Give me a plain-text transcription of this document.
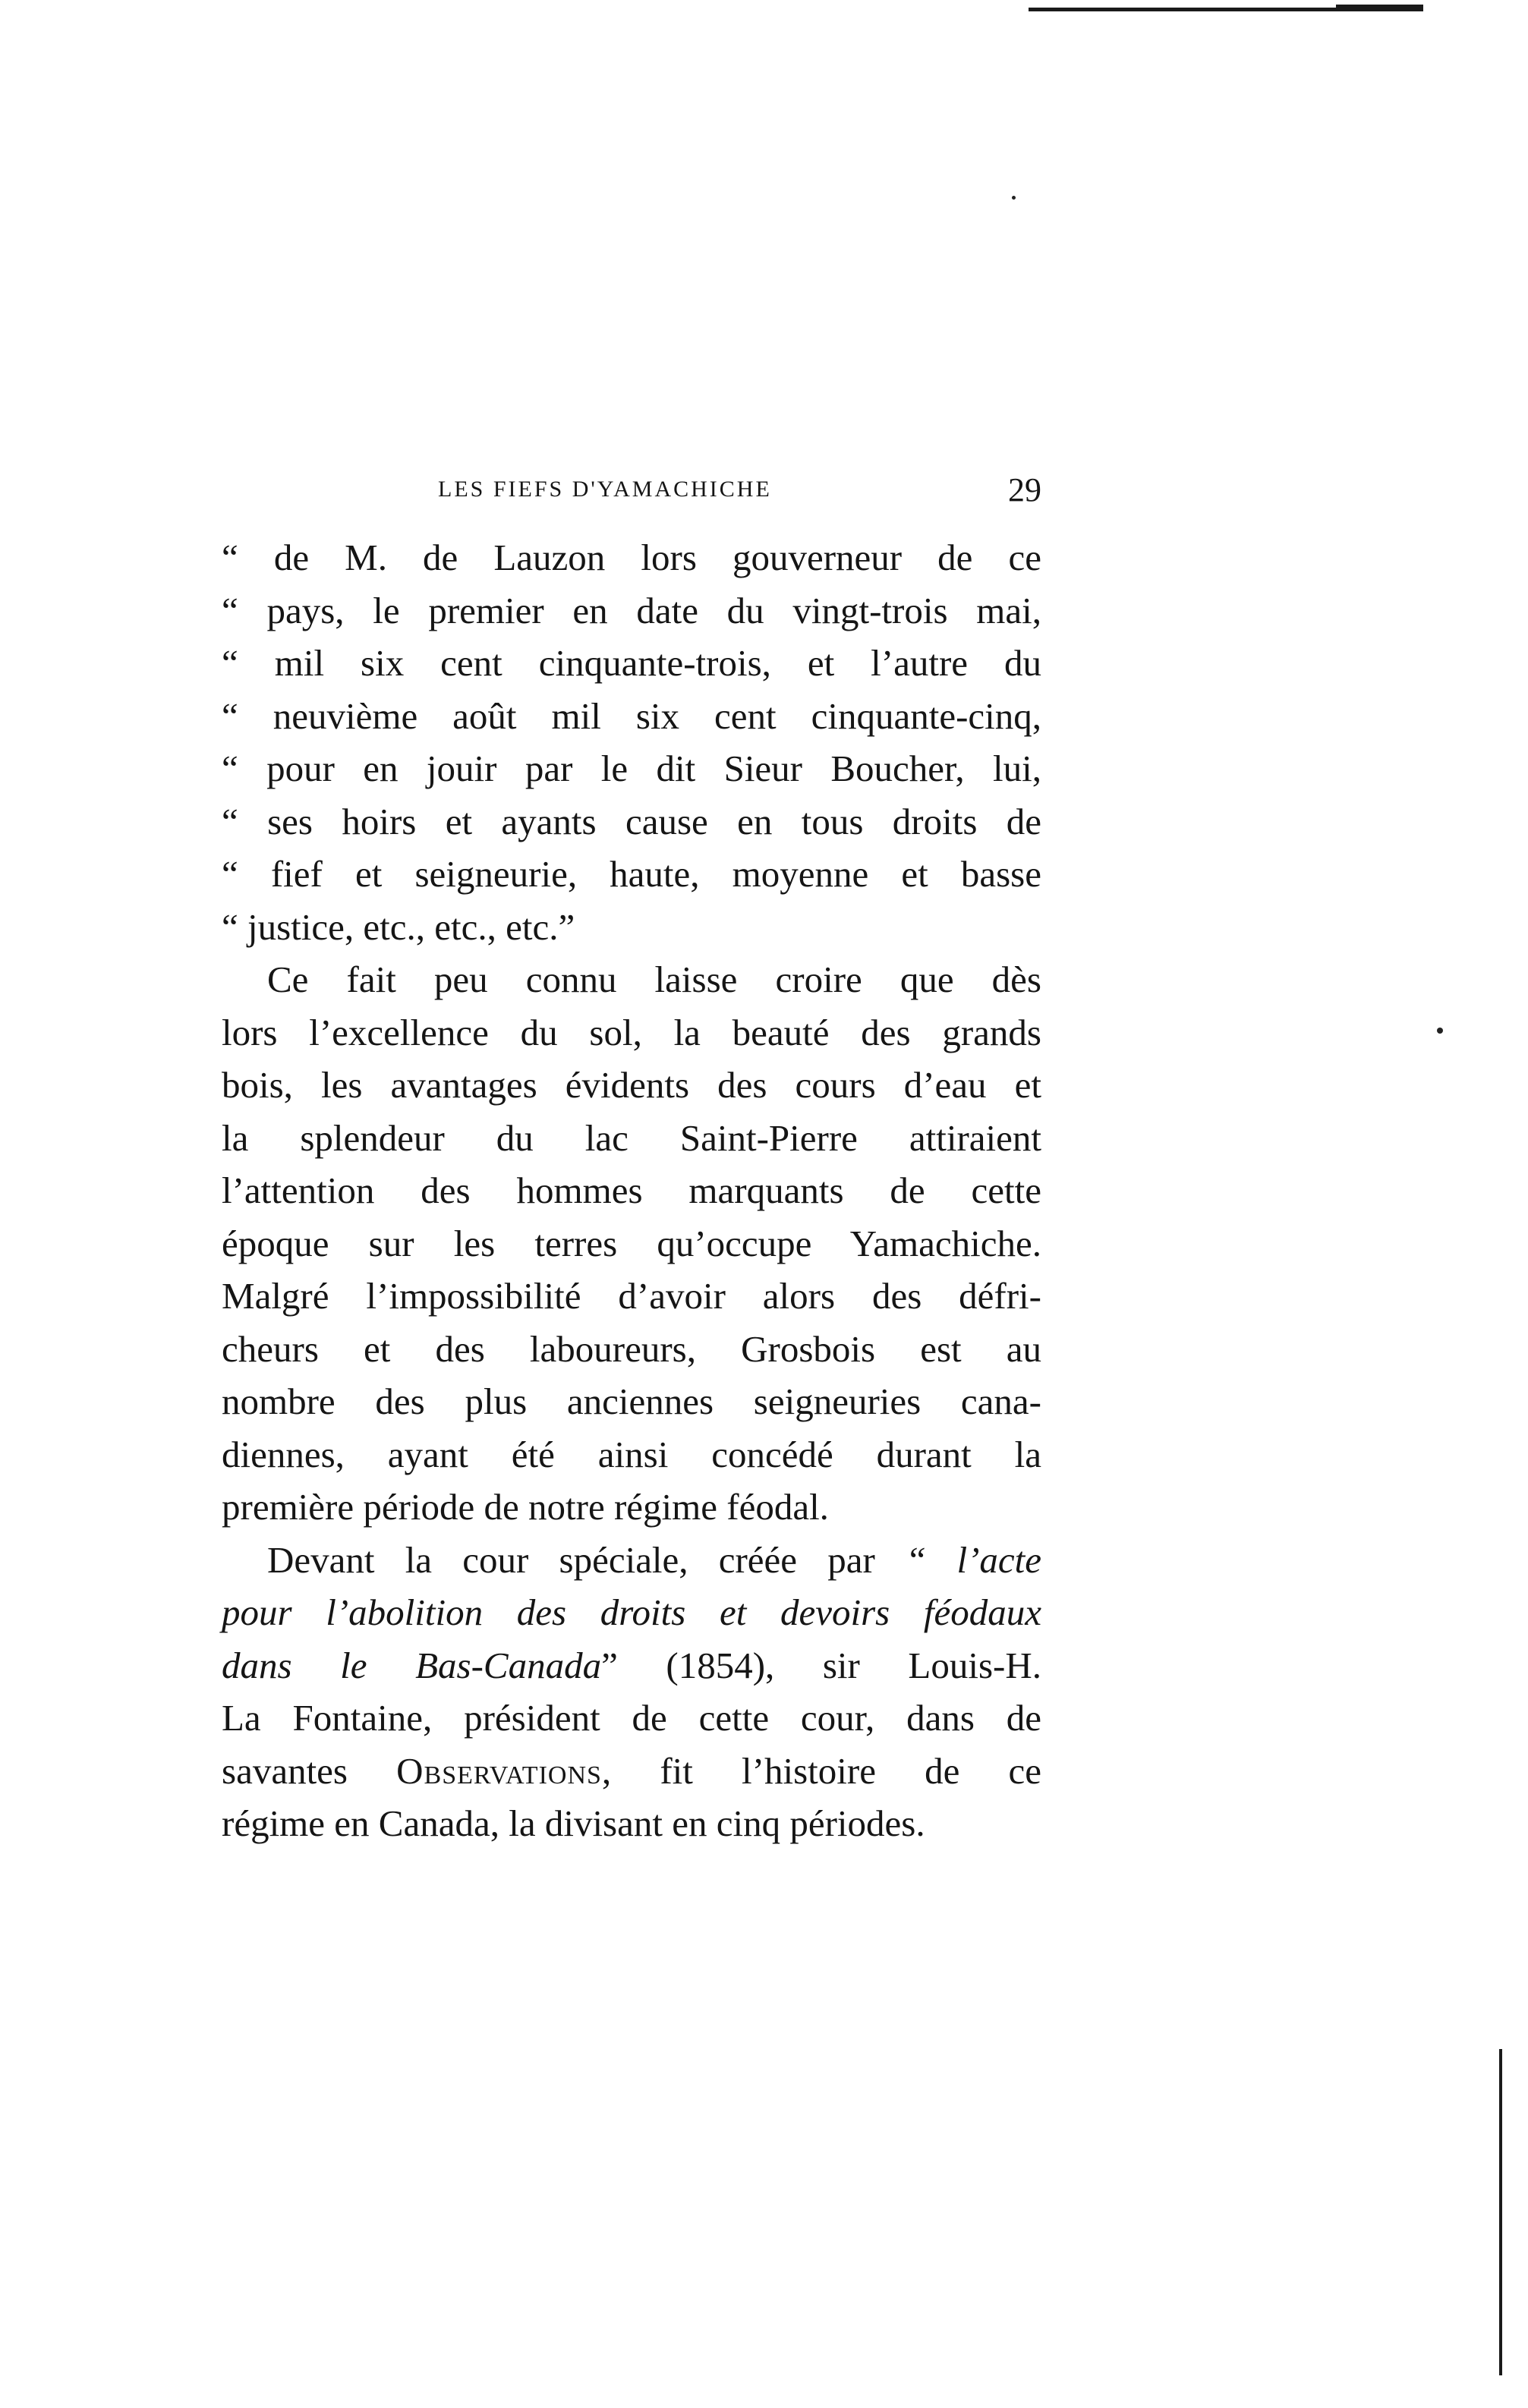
LES FIEFS D'YAMACHICHE	29
“ de M. de Lauzon lors gouverneur de ce
“ pays, le premier en date du vingt-trois mai,
“ mil six cent cinquante-trois, et l’autre du
“ neuvième août mil six cent cinquante-cinq,
“ pour en jouir par le dit Sieur Boucher, lui,
“ ses hoirs et ayants cause en tous droits de
“ fief et seigneurie, haute, moyenne et basse
“ justice, etc., etc., etc.”
Ce fait peu connu laisse croire que dès
lors l’excellence du sol, la beauté des grands
bois, les avantages évidents des cours d’eau et
la splendeur du lac Saint-Pierre attiraient
l’attention des hommes marquants de cette
époque sur les terres qu’occupe Yamachiche.
Malgré l’impossibilité d’avoir alors des défri-
cheurs et des laboureurs, Grosbois est au
nombre des plus anciennes seigneuries cana-
diennes, ayant été ainsi concédé durant la
première période de notre régime féodal.
Devant la cour spéciale, créée par “ l’acte
pour l’abolition des droits et devoirs féodaux
dans le Bas-Canada” (1854), sir Louis-H.
La Fontaine, président de cette cour, dans de
savantes Observations, fit l’histoire de ce
régime en Canada, la divisant en cinq périodes.
